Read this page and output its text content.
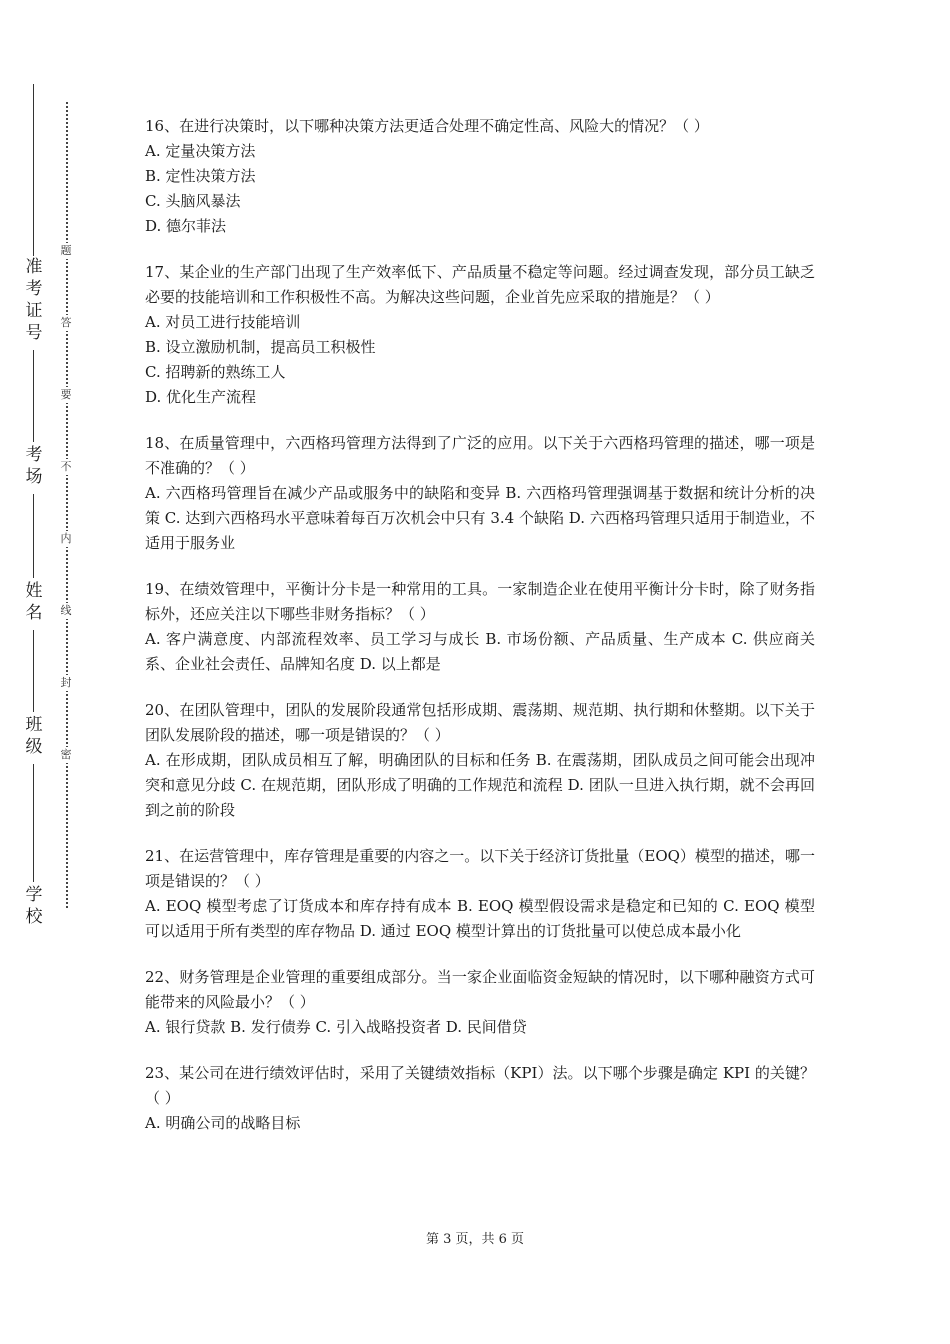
准
考
证
号
考
场
姓
名
班
级
学
校
题
答
要
不
内
线
封
密

16、在进行决策时，以下哪种决策方法更适合处理不确定性高、风险大的情况？（ ）

A. 定量决策方法

B. 定性决策方法

C. 头脑风暴法

D. 德尔菲法

17、某企业的生产部门出现了生产效率低下、产品质量不稳定等问题。经过调查发现，部分员工缺乏必要的技能培训和工作积极性不高。为解决这些问题，企业首先应采取的措施是？（ ）

A. 对员工进行技能培训

B. 设立激励机制，提高员工积极性

C. 招聘新的熟练工人

D. 优化生产流程

18、在质量管理中，六西格玛管理方法得到了广泛的应用。以下关于六西格玛管理的描述，哪一项是不准确的？（ ）

A. 六西格玛管理旨在减少产品或服务中的缺陷和变异 B. 六西格玛管理强调基于数据和统计分析的决策 C. 达到六西格玛水平意味着每百万次机会中只有 3.4 个缺陷 D. 六西格玛管理只适用于制造业，不适用于服务业

19、在绩效管理中，平衡计分卡是一种常用的工具。一家制造企业在使用平衡计分卡时，除了财务指标外，还应关注以下哪些非财务指标？（ ）

A. 客户满意度、内部流程效率、员工学习与成长 B. 市场份额、产品质量、生产成本 C. 供应商关系、企业社会责任、品牌知名度 D. 以上都是

20、在团队管理中，团队的发展阶段通常包括形成期、震荡期、规范期、执行期和休整期。以下关于团队发展阶段的描述，哪一项是错误的？（ ）

A. 在形成期，团队成员相互了解，明确团队的目标和任务 B. 在震荡期，团队成员之间可能会出现冲突和意见分歧 C. 在规范期，团队形成了明确的工作规范和流程 D. 团队一旦进入执行期，就不会再回到之前的阶段

21、在运营管理中，库存管理是重要的内容之一。以下关于经济订货批量（EOQ）模型的描述，哪一项是错误的？（ ）

A. EOQ 模型考虑了订货成本和库存持有成本 B. EOQ 模型假设需求是稳定和已知的 C. EOQ 模型可以适用于所有类型的库存物品 D. 通过 EOQ 模型计算出的订货批量可以使总成本最小化

22、财务管理是企业管理的重要组成部分。当一家企业面临资金短缺的情况时，以下哪种融资方式可能带来的风险最小？（ ）

A. 银行贷款 B. 发行债券 C. 引入战略投资者 D. 民间借贷

23、某公司在进行绩效评估时，采用了关键绩效指标（KPI）法。以下哪个步骤是确定 KPI 的关键？（ ）

A. 明确公司的战略目标

第 3 页，共 6 页
